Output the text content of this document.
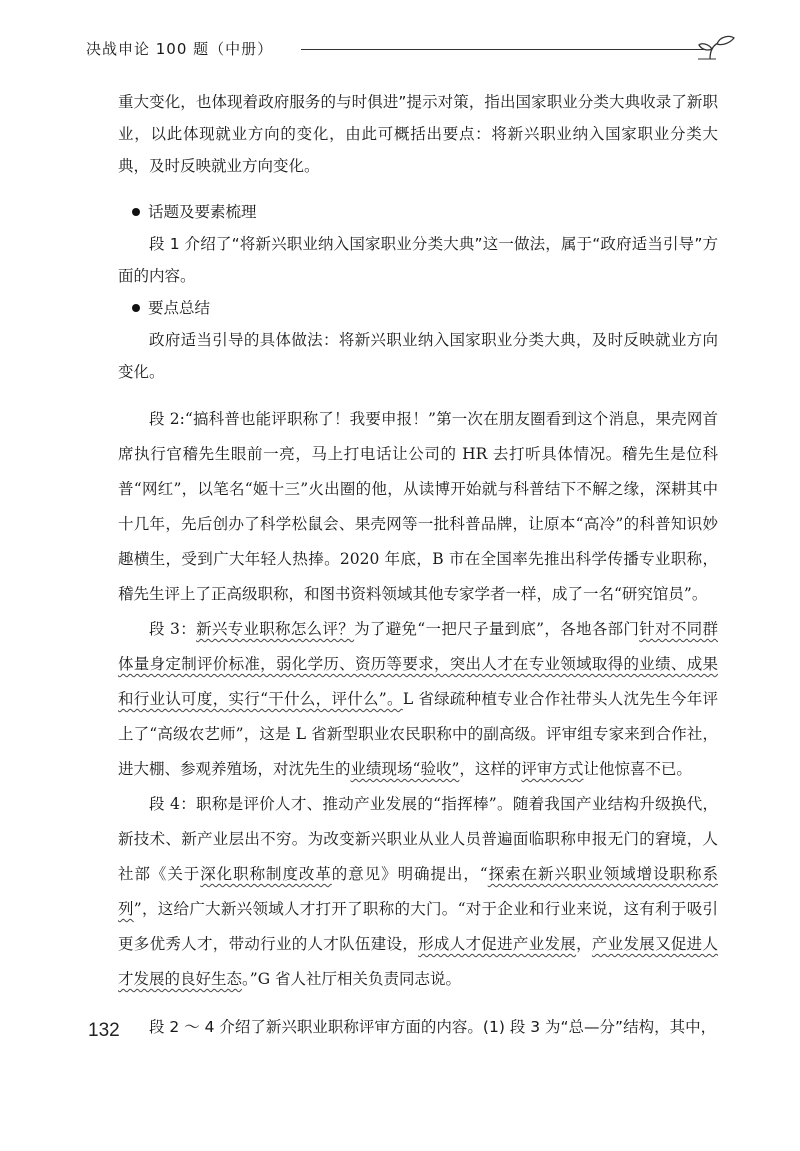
决战申论 100 题（中册）

重大变化，也体现着政府服务的与时俱进”提示对策，指出国家职业分类大典收录了新职业，以此体现就业方向的变化，由此可概括出要点：将新兴职业纳入国家职业分类大典，及时反映就业方向变化。

话题及要素梳理

段 1 介绍了“将新兴职业纳入国家职业分类大典”这一做法，属于“政府适当引导”方面的内容。

要点总结

政府适当引导的具体做法：将新兴职业纳入国家职业分类大典，及时反映就业方向变化。

段 2:“搞科普也能评职称了！我要申报！”第一次在朋友圈看到这个消息，果壳网首席执行官稽先生眼前一亮，马上打电话让公司的 HR 去打听具体情况。稽先生是位科普“网红”，以笔名“姬十三”火出圈的他，从读博开始就与科普结下不解之缘，深耕其中十几年，先后创办了科学松鼠会、果壳网等一批科普品牌，让原本“高冷”的科普知识妙趣横生，受到广大年轻人热捧。2020 年底，B 市在全国率先推出科学传播专业职称，稽先生评上了正高级职称，和图书资料领域其他专家学者一样，成了一名“研究馆员”。

段 3：新兴专业职称怎么评？为了避免“一把尺子量到底”，各地各部门针对不同群体量身定制评价标准，弱化学历、资历等要求，突出人才在专业领域取得的业绩、成果和行业认可度，实行“干什么，评什么”。L 省绿疏种植专业合作社带头人沈先生今年评上了“高级农艺师”，这是 L 省新型职业农民职称中的副高级。评审组专家来到合作社，进大棚、参观养殖场，对沈先生的业绩现场“验收”，这样的评审方式让他惊喜不已。

段 4：职称是评价人才、推动产业发展的“指挥棒”。随着我国产业结构升级换代，新技术、新产业层出不穷。为改变新兴职业从业人员普遍面临职称申报无门的窘境，人社部《关于深化职称制度改革的意见》明确提出，“探索在新兴职业领域增设职称系列”，这给广大新兴领域人才打开了职称的大门。“对于企业和行业来说，这有利于吸引更多优秀人才，带动行业的人才队伍建设，形成人才促进产业发展，产业发展又促进人才发展的良好生态。”G 省人社厅相关负责同志说。

段 2 ～ 4 介绍了新兴职业职称评审方面的内容。(1) 段 3 为“总—分”结构，其中，

132
